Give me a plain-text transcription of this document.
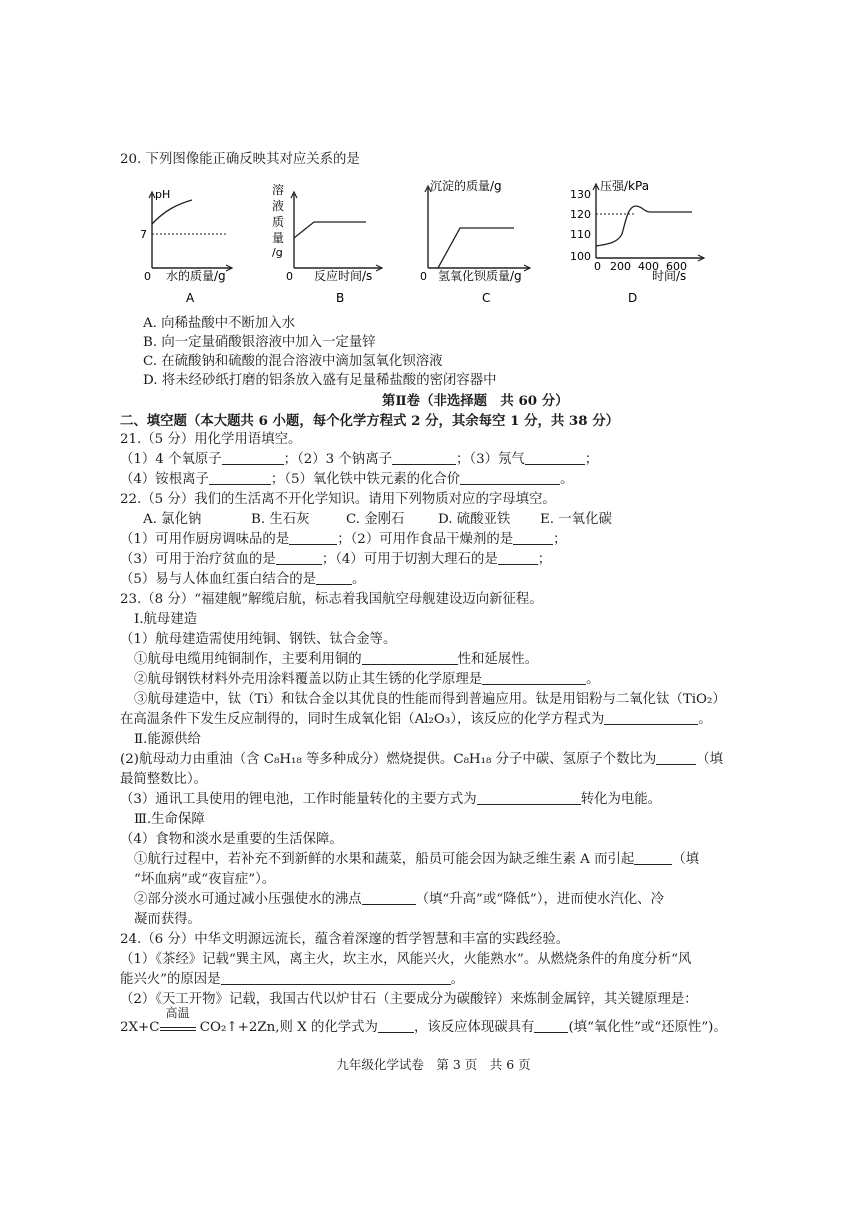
20. 下列图像能正确反映其对应关系的是
pH
7
0 水的质量/g
A
溶
液
质
量
/g
0 反应时间/s
B
沉淀的质量/g
0 氢氧化钡质量/g
C
压强/kPa
130
120
110
100
0 200 400 600
时间/s
D
A. 向稀盐酸中不断加入水
B. 向一定量硝酸银溶液中加入一定量锌
C. 在硫酸钠和硫酸的混合溶液中滴加氢氧化钡溶液
D. 将未经砂纸打磨的铝条放入盛有足量稀盐酸的密闭容器中
第Ⅱ卷（非选择题　共 60 分）
二、填空题（本大题共 6 小题，每个化学方程式 2 分，其余每空 1 分，共 38 分）
21.（5 分）用化学用语填空。
（1）4 个氧原子	；（2）3 个钠离子	；（3）氖气	；
（4）铵根离子	；（5）氧化铁中铁元素的化合价	。
22.（5 分）我们的生活离不开化学知识。请用下列物质对应的字母填空。
A. 氯化钠	B. 生石灰	C. 金刚石	D. 硫酸亚铁 E. 一氧化碳
（1）可用作厨房调味品的是	；（2）可用作食品干燥剂的是	；
（3）可用于治疗贫血的是	；（4）可用于切割大理石的是	；
（5）易与人体血红蛋白结合的是	。
23.（8 分）“福建舰”解缆启航，标志着我国航空母舰建设迈向新征程。
Ⅰ.航母建造
（1）航母建造需使用纯铜、钢铁、钛合金等。
①航母电缆用纯铜制作，主要利用铜的	性和延展性。
②航母钢铁材料外壳用涂料覆盖以防止其生锈的化学原理是	。
③航母建造中，钛（Ti）和钛合金以其优良的性能而得到普遍应用。钛是用铝粉与二氧化钛（TiO₂）
在高温条件下发生反应制得的，同时生成氧化铝（Al₂O₃），该反应的化学方程式为	。
Ⅱ.能源供给
(2)航母动力由重油（含 C₈H₁₈ 等多种成分）燃烧提供。C₈H₁₈ 分子中碳、氢原子个数比为	（填
最简整数比）。
（3）通讯工具使用的锂电池，工作时能量转化的主要方式为	转化为电能。
Ⅲ.生命保障
（4）食物和淡水是重要的生活保障。
①航行过程中，若补充不到新鲜的水果和蔬菜，船员可能会因为缺乏维生素 A 而引起	（填
“坏血病”或“夜盲症”）。
②部分淡水可通过减小压强使水的沸点	（填“升高”或“降低”），进而使水汽化、冷
凝而获得。
24.（6 分）中华文明源远流长，蕴含着深邃的哲学智慧和丰富的实践经验。
（1）《茶经》记载“巽主风，离主火，坎主水，风能兴火，火能熟水”。从燃烧条件的角度分析“风
能兴火”的原因是	。
（2）《天工开物》记载，我国古代以炉甘石（主要成分为碳酸锌）来炼制金属锌，其关键原理是：
2X+C
高温
CO₂↑+2Zn,则 X 的化学式为	，该反应体现碳具有	(填“氧化性”或“还原性”)。
九年级化学试卷　第 3 页　共 6 页
